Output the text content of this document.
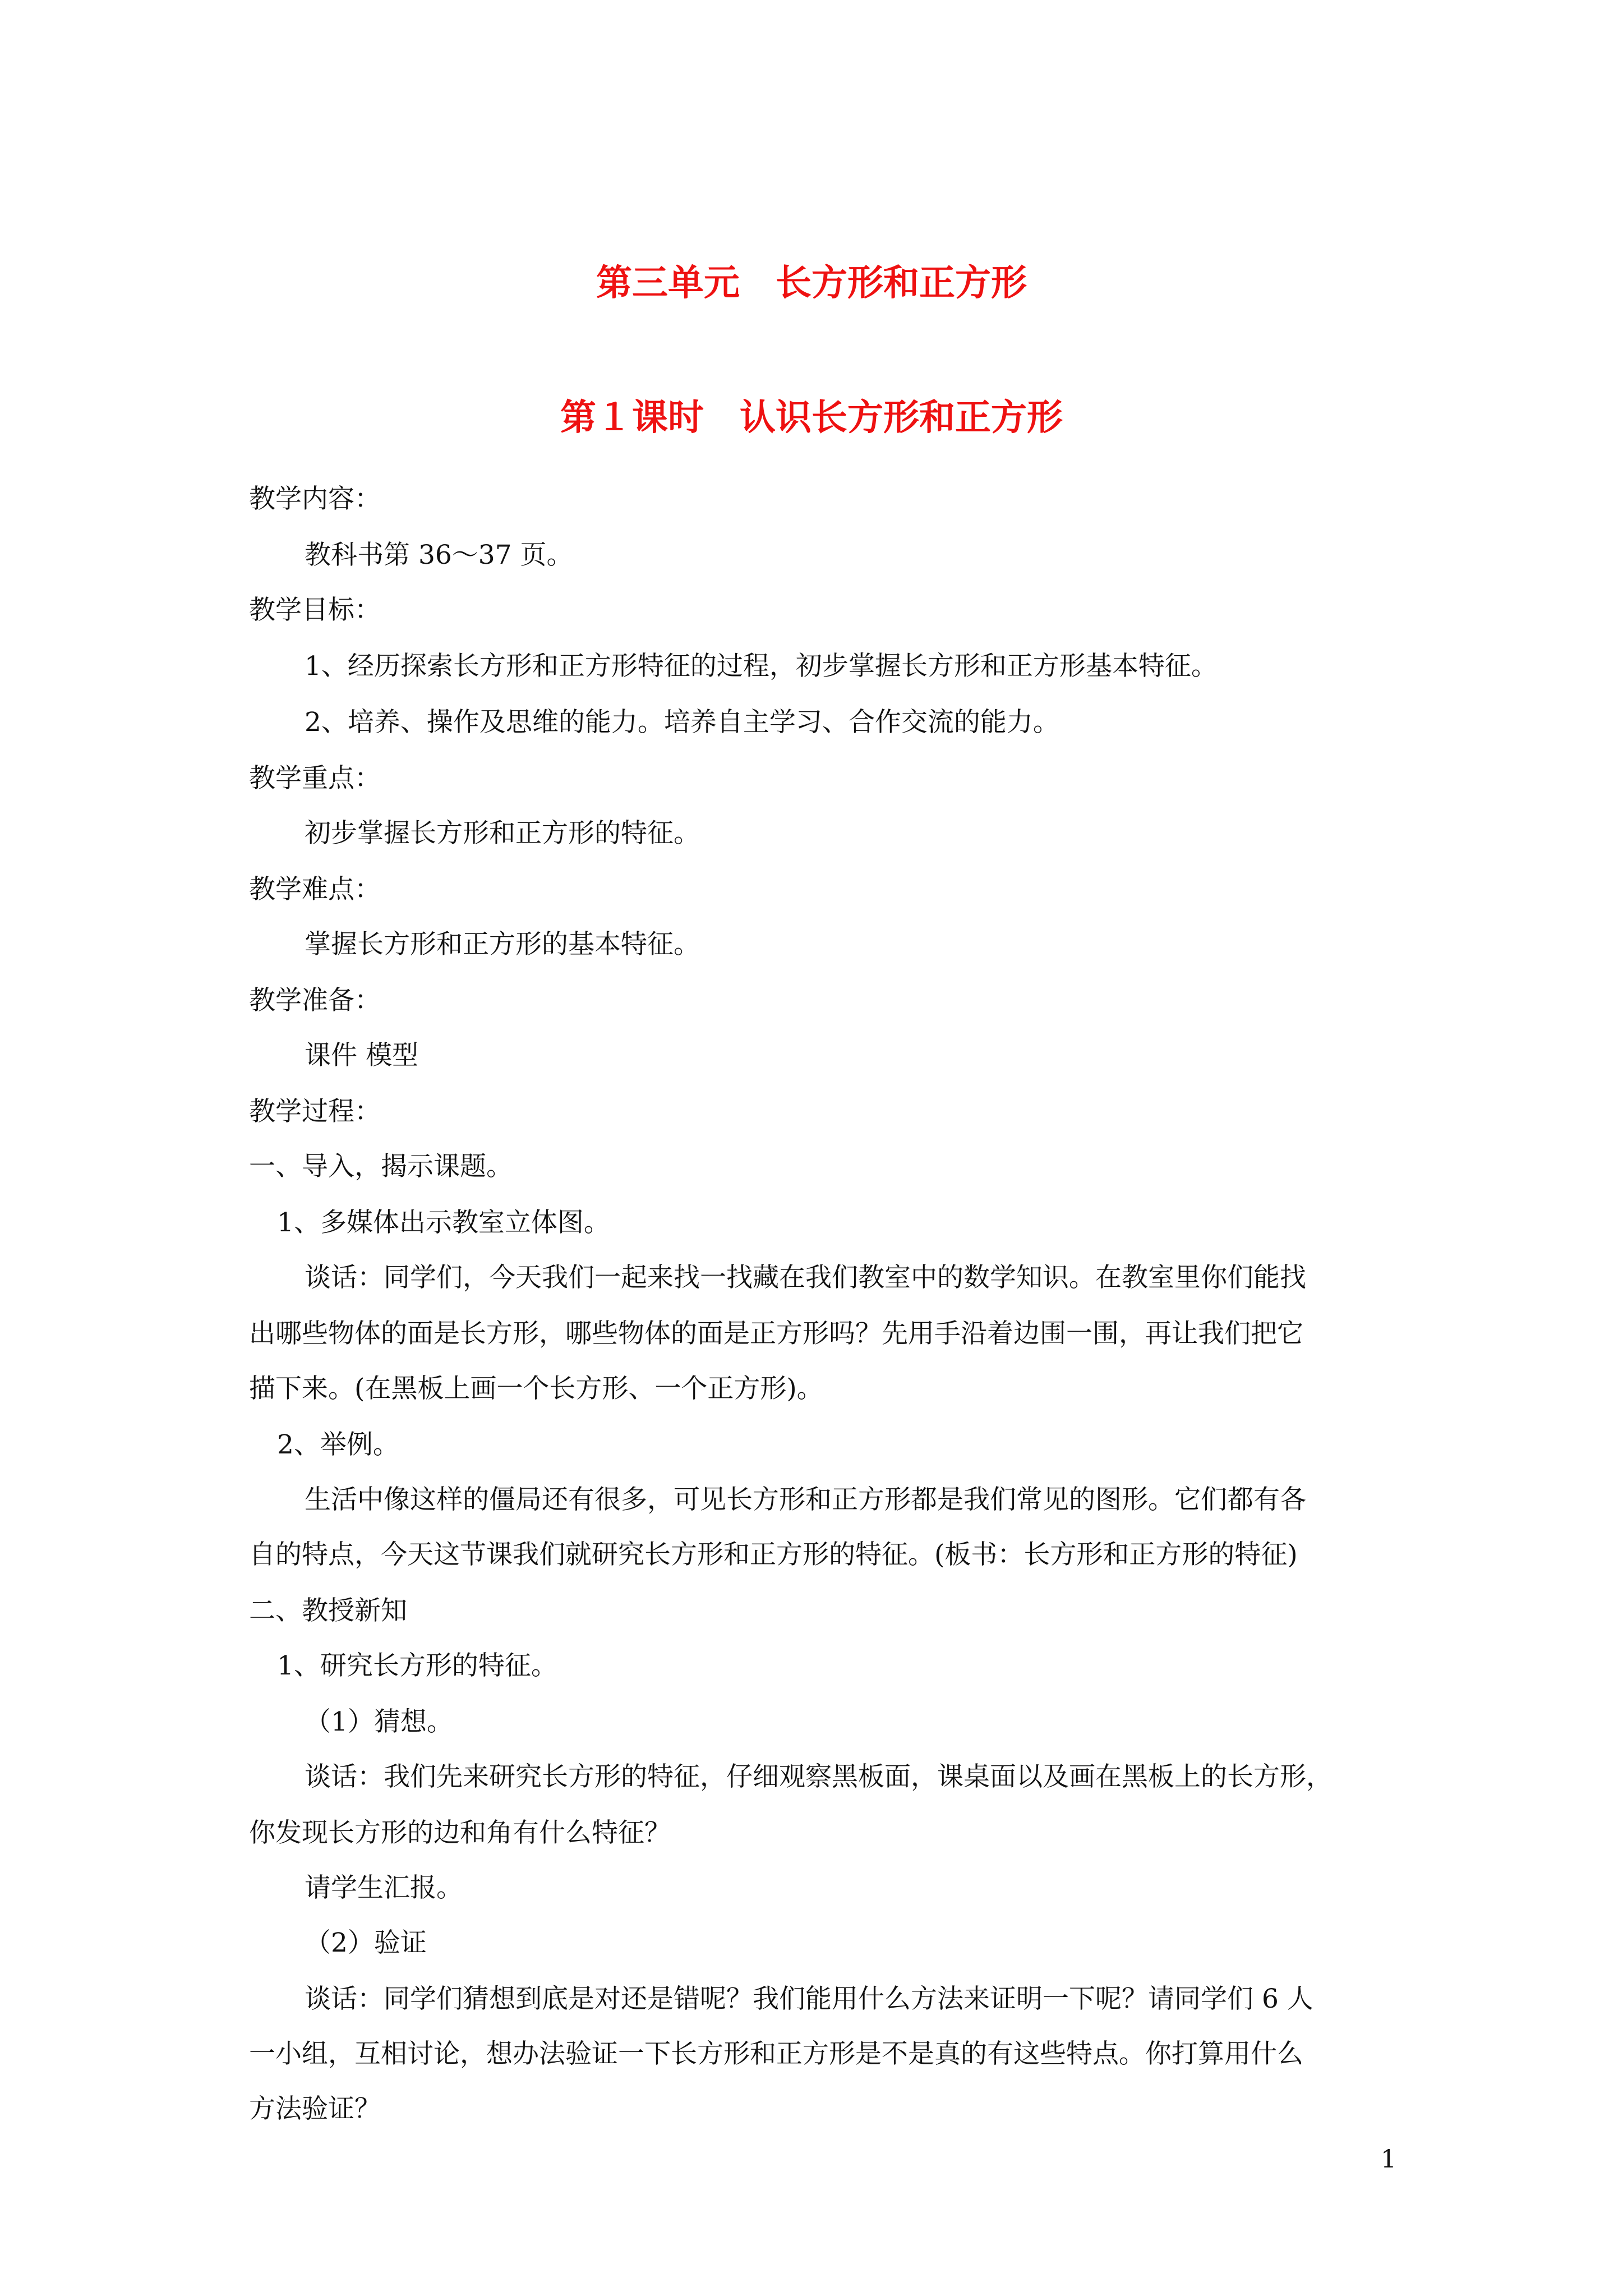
第三单元　长方形和正方形
第１课时　认识长方形和正方形
教学内容：
教科书第 36～37 页。
教学目标：
1、经历探索长方形和正方形特征的过程，初步掌握长方形和正方形基本特征。
2、培养、操作及思维的能力。培养自主学习、合作交流的能力。
教学重点：
初步掌握长方形和正方形的特征。
教学难点：
掌握长方形和正方形的基本特征。
教学准备：
课件 模型
教学过程：
一、导入，揭示课题。
1、多媒体出示教室立体图。
谈话：同学们，今天我们一起来找一找藏在我们教室中的数学知识。在教室里你们能找
出哪些物体的面是长方形，哪些物体的面是正方形吗？先用手沿着边围一围，再让我们把它
描下来。(在黑板上画一个长方形、一个正方形)。
2、举例。
生活中像这样的僵局还有很多，可见长方形和正方形都是我们常见的图形。它们都有各
自的特点，今天这节课我们就研究长方形和正方形的特征。(板书：长方形和正方形的特征)
二、教授新知
1、研究长方形的特征。
（1）猜想。
谈话：我们先来研究长方形的特征，仔细观察黑板面，课桌面以及画在黑板上的长方形，
你发现长方形的边和角有什么特征？
请学生汇报。
（2）验证
谈话：同学们猜想到底是对还是错呢？我们能用什么方法来证明一下呢？请同学们 6 人
一小组，互相讨论，想办法验证一下长方形和正方形是不是真的有这些特点。你打算用什么
方法验证？
1
